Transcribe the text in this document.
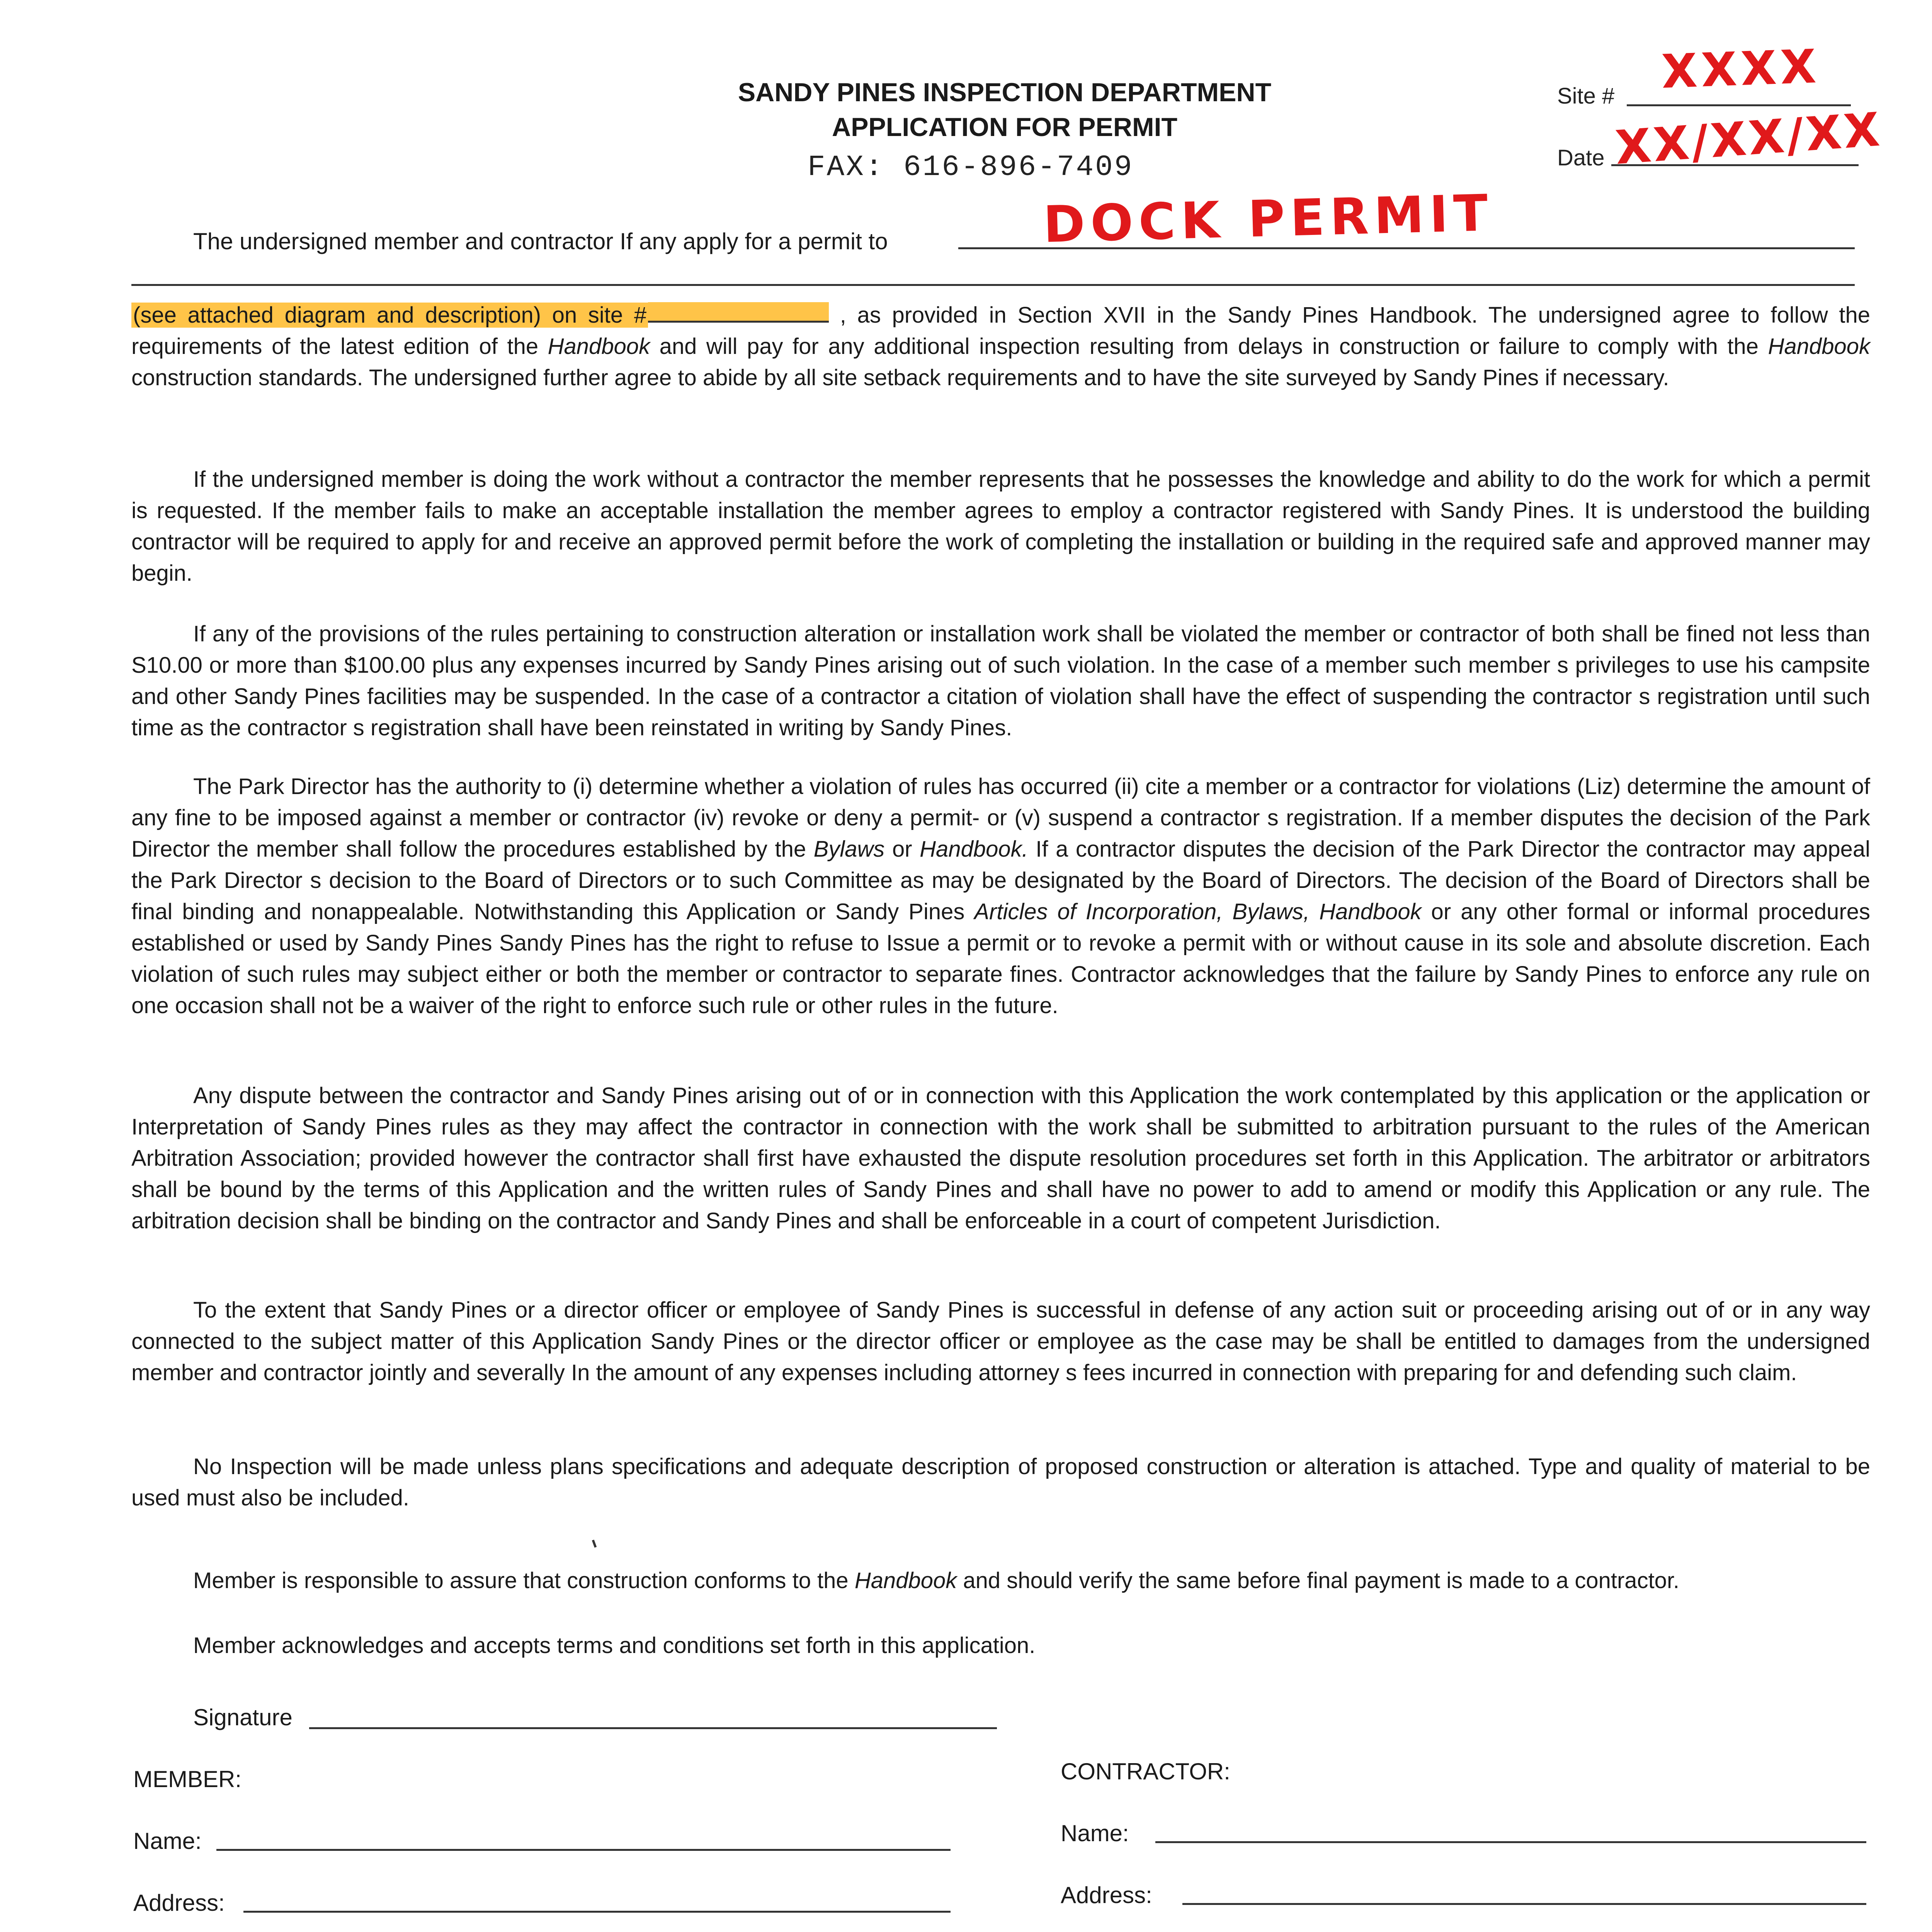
SANDY PINES INSPECTION DEPARTMENT
APPLICATION FOR PERMIT
FAX: 616-896-7409
Site # XXXX
Date XX/XX/XX
The undersigned member and contractor If any apply for a permit to	DOCK PERMIT
(see attached diagram and description) on site #	, as provided in Section XVII in the Sandy Pines Handbook. The undersigned agree to follow the requirements of the latest edition of the Handbook and will pay for any additional inspection resulting from delays in construction or failure to comply with the Handbook construction standards. The undersigned further agree to abide by all site setback requirements and to have the site surveyed by Sandy Pines if necessary.
If the undersigned member is doing the work without a contractor the member represents that he possesses the knowledge and ability to do the work for which a permit is requested. If the member fails to make an acceptable installation the member agrees to employ a contractor registered with Sandy Pines. It is understood the building contractor will be required to apply for and receive an approved permit before the work of completing the installation or building in the required safe and approved manner may begin.
If any of the provisions of the rules pertaining to construction alteration or installation work shall be violated the member or contractor of both shall be fined not less than S10.00 or more than $100.00 plus any expenses incurred by Sandy Pines arising out of such violation. In the case of a member such member s privileges to use his campsite and other Sandy Pines facilities may be suspended. In the case of a contractor a citation of violation shall have the effect of suspending the contractor s registration until such time as the contractor s registration shall have been reinstated in writing by Sandy Pines.
The Park Director has the authority to (i) determine whether a violation of rules has occurred (ii) cite a member or a contractor for violations (Liz) determine the amount of any fine to be imposed against a member or contractor (iv) revoke or deny a permit- or (v) suspend a contractor s registration. If a member disputes the decision of the Park Director the member shall follow the procedures established by the Bylaws or Handbook. If a contractor disputes the decision of the Park Director the contractor may appeal the Park Director s decision to the Board of Directors or to such Committee as may be designated by the Board of Directors. The decision of the Board of Directors shall be final binding and nonappealable. Notwithstanding this Application or Sandy Pines Articles of Incorporation, Bylaws, Handbook or any other formal or informal procedures established or used by Sandy Pines Sandy Pines has the right to refuse to Issue a permit or to revoke a permit with or without cause in its sole and absolute discretion. Each violation of such rules may subject either or both the member or contractor to separate fines. Contractor acknowledges that the failure by Sandy Pines to enforce any rule on one occasion shall not be a waiver of the right to enforce such rule or other rules in the future.
Any dispute between the contractor and Sandy Pines arising out of or in connection with this Application the work contemplated by this application or the application or Interpretation of Sandy Pines rules as they may affect the contractor in connection with the work shall be submitted to arbitration pursuant to the rules of the American Arbitration Association; provided however the contractor shall first have exhausted the dispute resolution procedures set forth in this Application. The arbitrator or arbitrators shall be bound by the terms of this Application and the written rules of Sandy Pines and shall have no power to add to amend or modify this Application or any rule. The arbitration decision shall be binding on the contractor and Sandy Pines and shall be enforceable in a court of competent Jurisdiction.
To the extent that Sandy Pines or a director officer or employee of Sandy Pines is successful in defense of any action suit or proceeding arising out of or in any way connected to the subject matter of this Application Sandy Pines or the director officer or employee as the case may be shall be entitled to damages from the undersigned member and contractor jointly and severally In the amount of any expenses including attorney s fees incurred in connection with preparing for and defending such claim.
No Inspection will be made unless plans specifications and adequate description of proposed construction or alteration is attached. Type and quality of material to be used must also be included.
Member is responsible to assure that construction conforms to the Handbook and should verify the same before final payment is made to a contractor.
Member acknowledges and accepts terms and conditions set forth in this application.
Signature
MEMBER:
Name:
Address:
CONTRACTOR:
Name:
Address:
